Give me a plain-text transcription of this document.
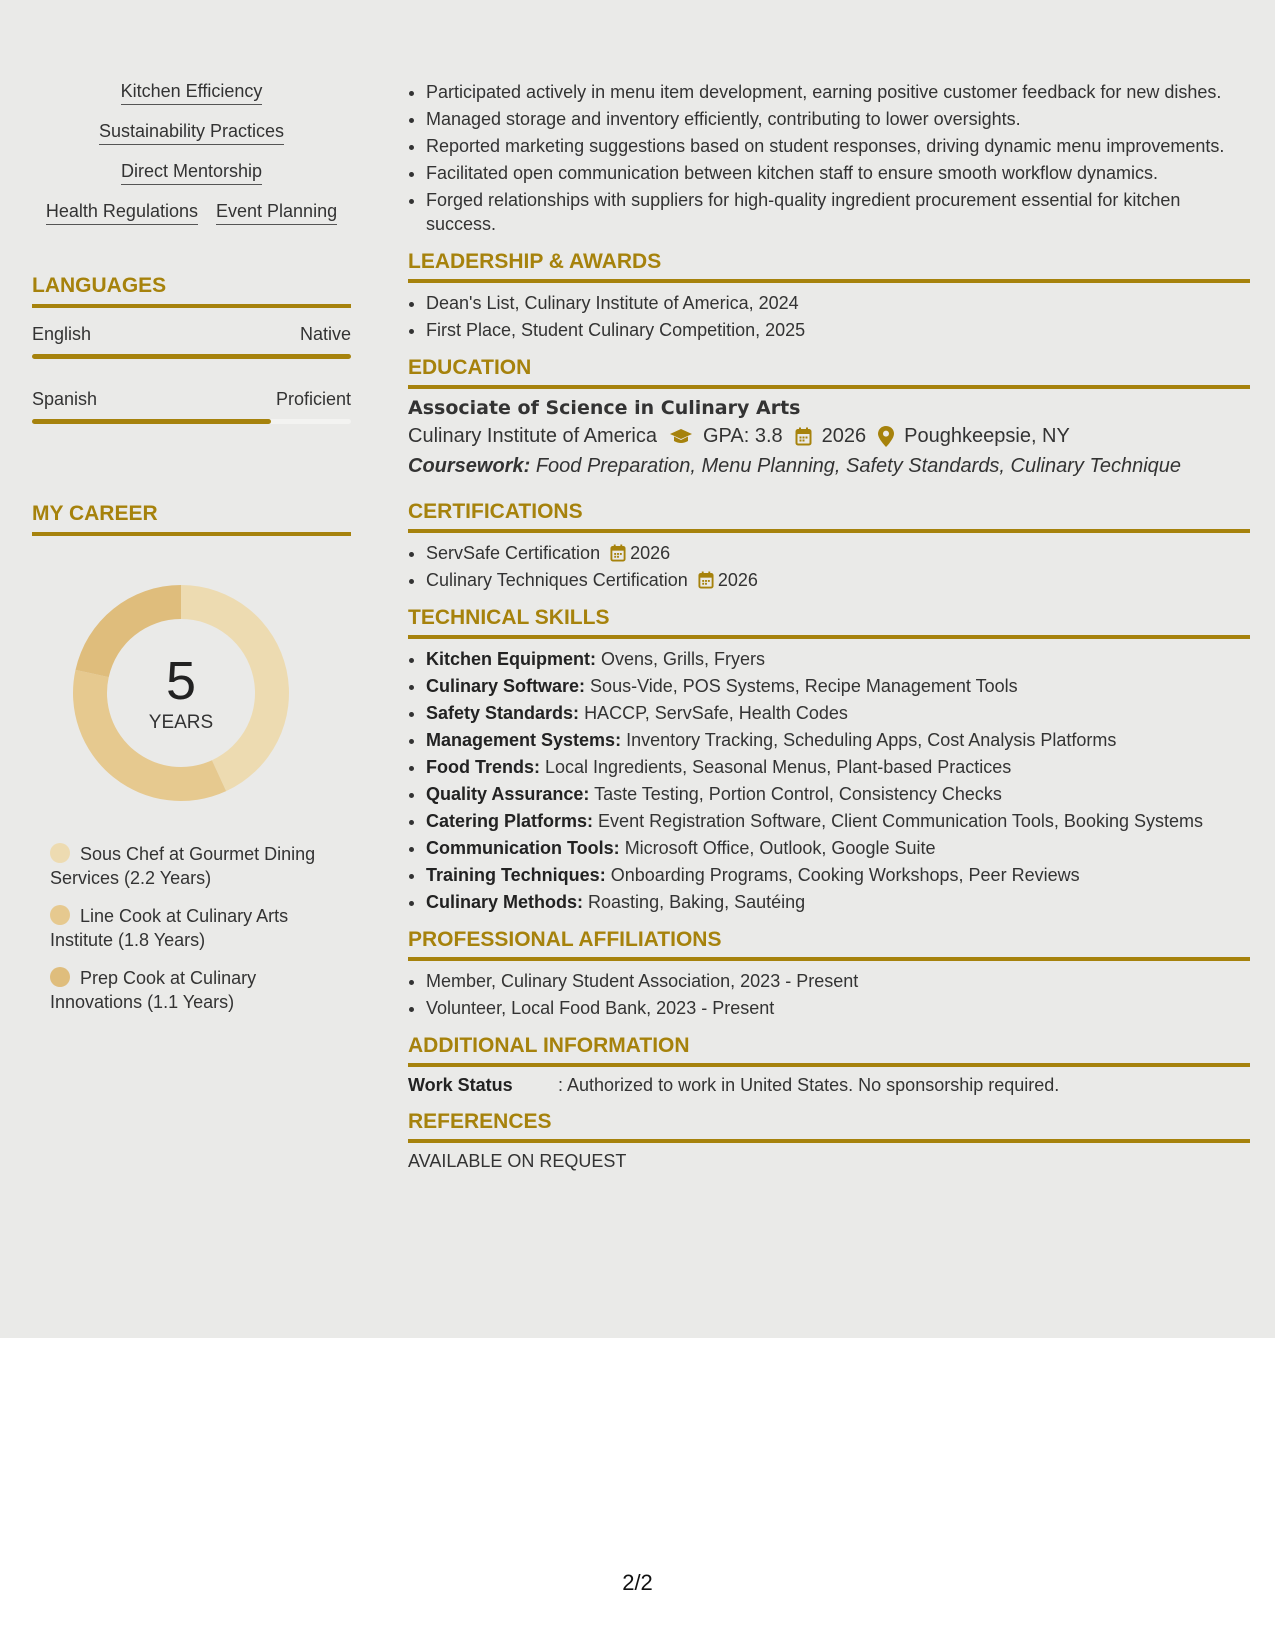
Kitchen Efficiency
Sustainability Practices
Direct Mentorship
Health Regulations Event Planning
LANGUAGES
English	Native
Spanish	Proficient
MY CAREER
5
YEARS
Sous Chef at Gourmet Dining Services (2.2 Years)
Line Cook at Culinary Arts Institute (1.8 Years)
Prep Cook at Culinary Innovations (1.1 Years)
• Participated actively in menu item development, earning positive customer feedback for new dishes.
• Managed storage and inventory efficiently, contributing to lower oversights.
• Reported marketing suggestions based on student responses, driving dynamic menu improvements.
• Facilitated open communication between kitchen staff to ensure smooth workflow dynamics.
• Forged relationships with suppliers for high-quality ingredient procurement essential for kitchen success.
LEADERSHIP & AWARDS
• Dean's List, Culinary Institute of America, 2024
• First Place, Student Culinary Competition, 2025
EDUCATION
Associate of Science in Culinary Arts
Culinary Institute of America GPA: 3.8 2026 Poughkeepsie, NY
Coursework: Food Preparation, Menu Planning, Safety Standards, Culinary Technique
CERTIFICATIONS
• ServSafe Certification 2026
• Culinary Techniques Certification 2026
TECHNICAL SKILLS
• Kitchen Equipment: Ovens, Grills, Fryers
• Culinary Software: Sous-Vide, POS Systems, Recipe Management Tools
• Safety Standards: HACCP, ServSafe, Health Codes
• Management Systems: Inventory Tracking, Scheduling Apps, Cost Analysis Platforms
• Food Trends: Local Ingredients, Seasonal Menus, Plant-based Practices
• Quality Assurance: Taste Testing, Portion Control, Consistency Checks
• Catering Platforms: Event Registration Software, Client Communication Tools, Booking Systems
• Communication Tools: Microsoft Office, Outlook, Google Suite
• Training Techniques: Onboarding Programs, Cooking Workshops, Peer Reviews
• Culinary Methods: Roasting, Baking, Sautéing
PROFESSIONAL AFFILIATIONS
• Member, Culinary Student Association, 2023 - Present
• Volunteer, Local Food Bank, 2023 - Present
ADDITIONAL INFORMATION
Work Status	: Authorized to work in United States. No sponsorship required.
REFERENCES
AVAILABLE ON REQUEST
2/2
